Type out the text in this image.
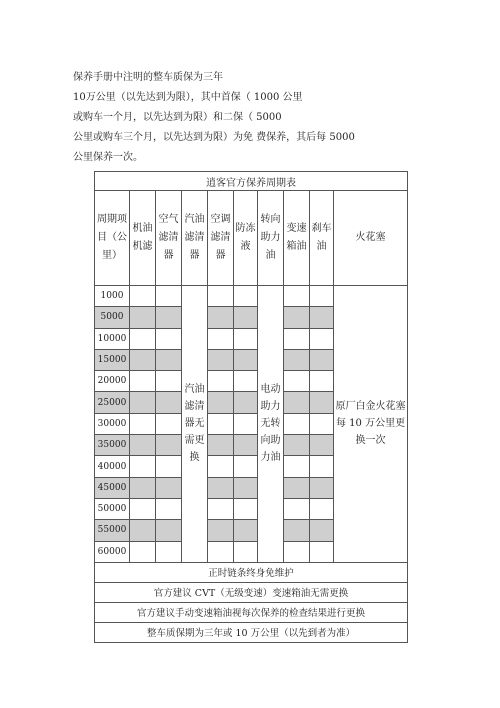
保养手册中注明的整车质保为三年
10万公里（以先达到为限），其中首保（ 1000 公里
或购车一个月，以先达到为限）和二保（ 5000
公里或购车三个月，以先达到为限）为免 费保养，其后每 5000
公里保养一次。
逍客官方保养周期表									
周期项目（公里）	机油机滤	空气滤清器	汽油滤清器	空调滤清器	防冻液	转向助力油	变速箱油	刹车油	火花塞
1000			汽油滤清器无需更换			电动助力无转向助力油			原厂白金火花塞每 10 万公里更换一次
5000									
10000									
15000									
20000									
25000									
30000									
35000									
40000									
45000									
50000									
55000									
60000									
正时链条终身免维护									
官方建议 CVT（无级变速）变速箱油无需更换									
官方建议手动变速箱油视每次保养的检查结果进行更换									
整车质保期为三年或 10 万公里（以先到者为准）									
